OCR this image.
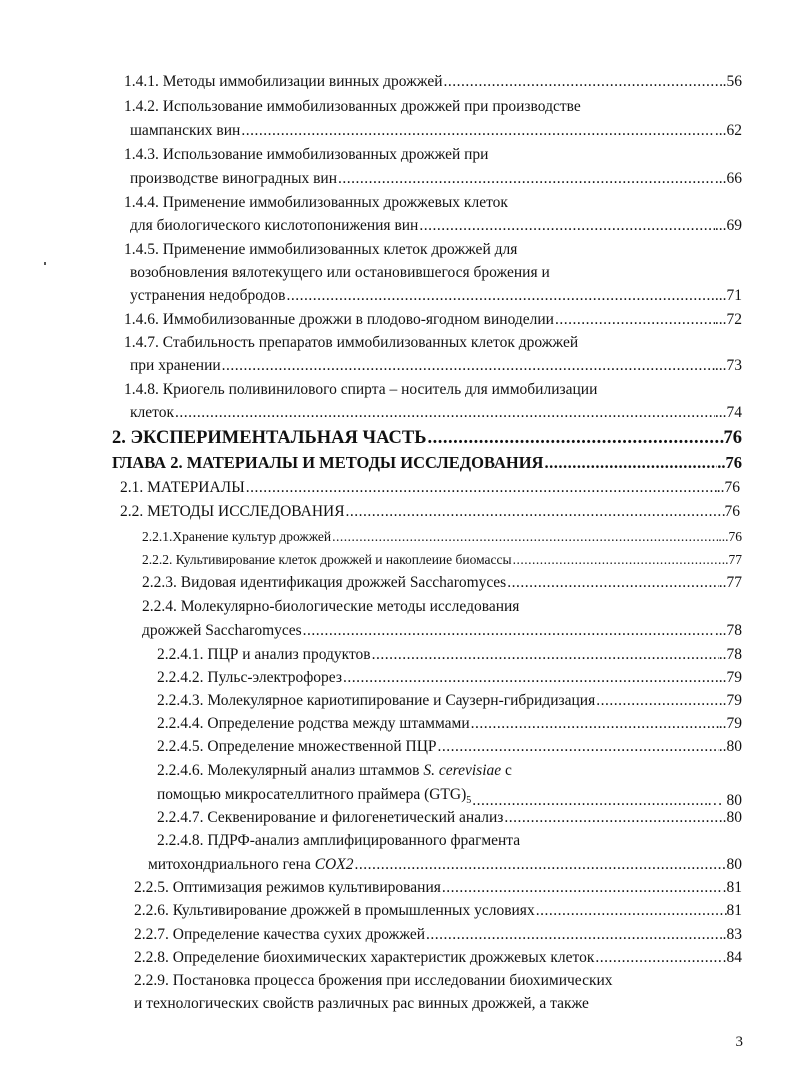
1.4.1. Методы иммобилизации винных дрожжей .....	.56
1.4.2. Использование иммобилизованных дрожжей при производстве
шампанских вин .....	...62
1.4.3. Использование иммобилизованных дрожжей при
производстве виноградных вин .....	...66
1.4.4. Применение иммобилизованных дрожжевых клеток
для биологического кислотопонижения вин .....	...69
1.4.5. Применение иммобилизованных клеток дрожжей для
возобновления вялотекущего или остановившегося брожения и
устранения недобродов .....	...71
1.4.6. Иммобилизованные дрожжи в плодово-ягодном виноделии .....	...72
1.4.7. Стабильность препаратов иммобилизованных клеток дрожжей
при хранении .....	...73
1.4.8. Криогель поливинилового спирта – носитель для иммобилизации
клеток .....	...74
2. ЭКСПЕРИМЕНТАЛЬНАЯ ЧАСТЬ .....	76
ГЛАВА 2. МАТЕРИАЛЫ И МЕТОДЫ ИССЛЕДОВАНИЯ .....	..76
2.1. МАТЕРИАЛЫ .....	..76
2.2. МЕТОДЫ ИССЛЕДОВАНИЯ .....	76
2.2.1.Хранение культур дрожжей .....	...76
2.2.2. Культивирование клеток дрожжей и накоплеиие биомассы .....	..77
2.2.3. Видовая идентификация дрожжей Saccharomyces .....	..77
2.2.4. Молекулярно-биологические методы исследования
дрожжей Saccharomyces .....	...78
2.2.4.1. ПЦР и анализ продуктов .....	..78
2.2.4.2. Пульс-электрофорез .....	..79
2.2.4.3. Молекулярное кариотипирование и Саузерн-гибридизация .....	..79
2.2.4.4. Определение родства между штаммами .....	..79
2.2.4.5. Определение множественной ПЦР .....	..80
2.2.4.6. Молекулярный анализ штаммов S. cerevisiae с
помощью микросателлитного праймера $(GTG)_5$ .....	… 80
2.2.4.7. Секвенирование и филогенетический анализ .....	.80
2.2.4.8. ПДРФ-анализ амплифицированного фрагмента
митохондриального гена COX2 .....	80
2.2.5. Оптимизация режимов культивирования .....	.81
2.2.6. Культивирование дрожжей в промышленных условиях .....	81
2.2.7. Определение качества сухих дрожжей .....	.83
2.2.8. Определение биохимических характеристик дрожжевых клеток .....	.84
2.2.9. Постановка процесса брожения при исследовании биохимических
и технологических свойств различных рас винных дрожжей, а также
3
